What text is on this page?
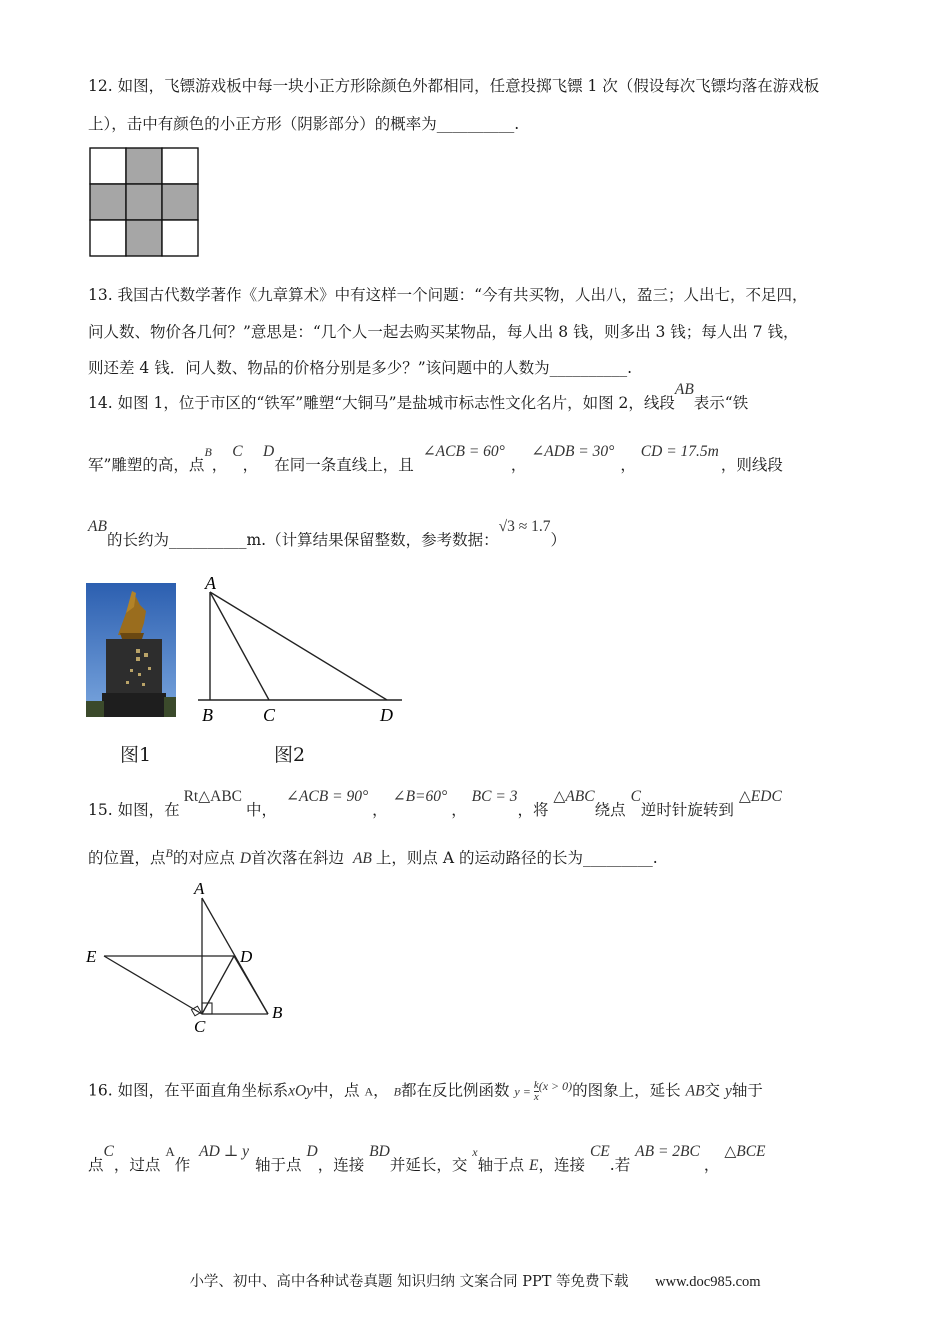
12. 如图，飞镖游戏板中每一块小正方形除颜色外都相同，任意投掷飞镖 1 次（假设每次飞镖均落在游戏板
上），击中有颜色的小正方形（阴影部分）的概率为__________.
13. 我国古代数学著作《九章算术》中有这样一个问题：“今有共买物，人出八，盈三；人出七，不足四，
问人数、物价各几何？”意思是：“几个人一起去购买某物品，每人出 8 钱，则多出 3 钱；每人出 7 钱，
则还差 4 钱．问人数、物品的价格分别是多少？”该问题中的人数为__________.
14. 如图 1，位于市区的“铁军”雕塑“大铜马”是盐城市标志性文化名片，如图 2，线段AB表示“铁
军”雕塑的高，点$^B$， C， D在同一条直线上，且 ∠ACB = 60°， ∠ADB = 30°， CD = 17.5m，则线段
AB的长约为__________m.（计算结果保留整数，参考数据：√3 ≈ 1.7）
图1
A
B	C	D
图2
15. 如图，在Rt△ABC中， ∠ACB = 90°， ∠B=60°， BC = 3，将 △ABC绕点 C逆时针旋转到 △EDC
的位置，点$^B$的对应点 D首次落在斜边 AB 上，则点 A 的运动路径的长为_________.
A
E	D
C
B
16. 如图，在平面直角坐标系xOy中，点 A， B都在反比例函数 $y = \frac{k}{x} ^{(x > 0)}$的图象上，延长 AB交 y轴于
点C，过点 $^A$作 AD ⊥ y轴于点 D，连接 BD并延长，交 $^x$轴于点 E，连接 CE.若 AB = 2BC， △BCE
小学、初中、高中各种试卷真题 知识归纳 文案合同 PPT 等免费下载 www.doc985.com
